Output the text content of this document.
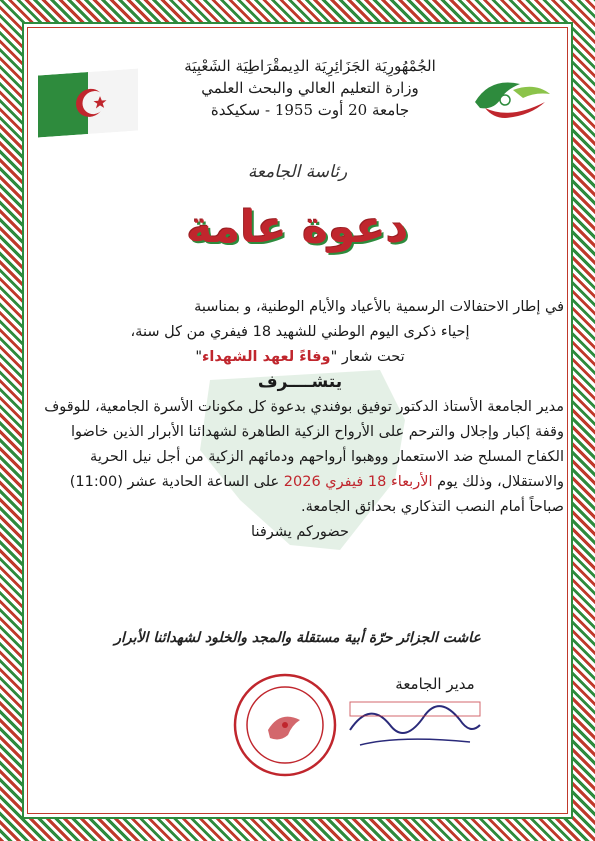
الجُمْهُورِيَة الجَزَائِرِيَة الدِيمقْرَاطِيَة الشَعْبِيَة
وزارة التعليم العالي والبحث العلمي
جامعة 20 أوت 1955 - سكيكدة
رئاسة الجامعة
دعوة عامة

في إطار الاحتفالات الرسمية بالأعياد والأيام الوطنية، و بمناسبة

إحياء ذكرى اليوم الوطني للشهيد 18 فيفري من كل سنة،

تحت شعار "وفاءً لعهد الشهداء"

يتشــــرف

مدير الجامعة الأستاذ الدكتور توفيق بوفندي بدعوة كل مكونات الأسرة الجامعية، للوقوف وقفة إكبار وإجلال والترحم على الأرواح الزكية الطاهرة لشهدائنا الأبرار الذين خاضوا الكفاح المسلح ضد الاستعمار ووهبوا أرواحهم ودمائهم الزكية من أجل نيل الحرية والاستقلال، وذلك يوم الأربعاء 18 فيفري 2026 على الساعة الحادية عشر (11:00) صباحاً أمام النصب التذكاري بحدائق الجامعة.

حضوركم يشرفنا

عاشت الجزائر حرّة أبية مستقلة والمجد والخلود لشهدائنا الأبرار
مدير الجامعة
